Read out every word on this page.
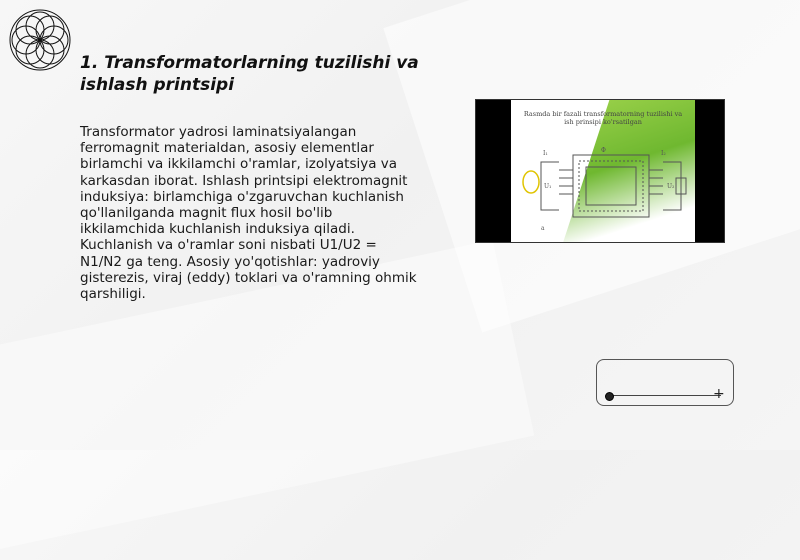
1. Transformatorlarning tuzilishi va ishlash printsipi
Transformator yadrosi laminatsiyalangan ferromagnit materialdan, asosiy elementlar birlamchi va ikkilamchi o'ramlar, izolyatsiya va karkasdan iborat. Ishlash printsipi elektromagnit induksiya: birlamchiga o'zgaruvchan kuchlanish qo'llanilganda magnit flux hosil bo'lib ikkilamchida kuchlanish induksiya qiladi. Kuchlanish va o'ramlar soni nisbati U1/U2 = N1/N2 ga teng. Asosiy yo'qotishlar: yadroviy gisterezis, viraj (eddy) toklari va o'ramning ohmik qarshiligi.
Rasmda bir fazali transformatorning tuzilishi va ish prinsipi ko'rsatilgan
I₁	I₂
Φ
U₁	U₂
a
+
